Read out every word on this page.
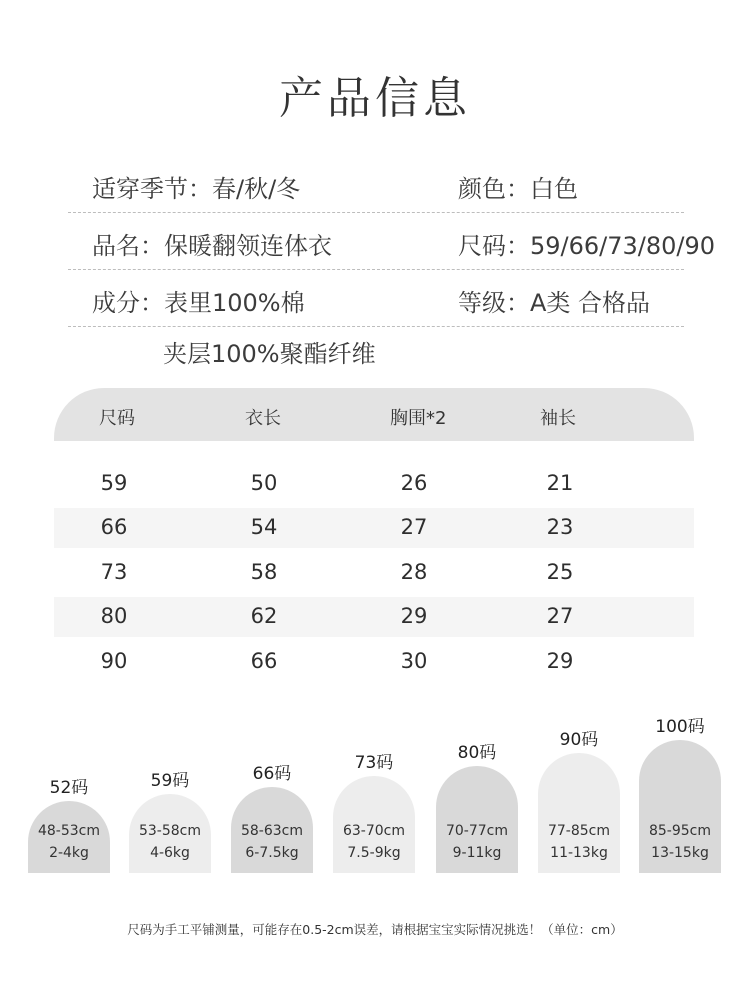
产品信息
适穿季节：春/秋/冬	颜色：白色
品名：保暖翻领连体衣	尺码：59/66/73/80/90
成分：表里100%棉	等级：A类 合格品
夹层100%聚酯纤维
尺码	衣长	胸围*2	袖长
59	50	26	21
66	54	27	23
73	58	28	25
80	62	29	27
90	66	30	29
48-53cm
2-4kg
52码
53-58cm
4-6kg
59码
58-63cm
6-7.5kg
66码
63-70cm
7.5-9kg
73码
70-77cm
9-11kg
80码
77-85cm
11-13kg
90码
85-95cm
13-15kg
100码
尺码为手工平铺测量，可能存在0.5-2cm误差，请根据宝宝实际情况挑选！（单位：cm）
